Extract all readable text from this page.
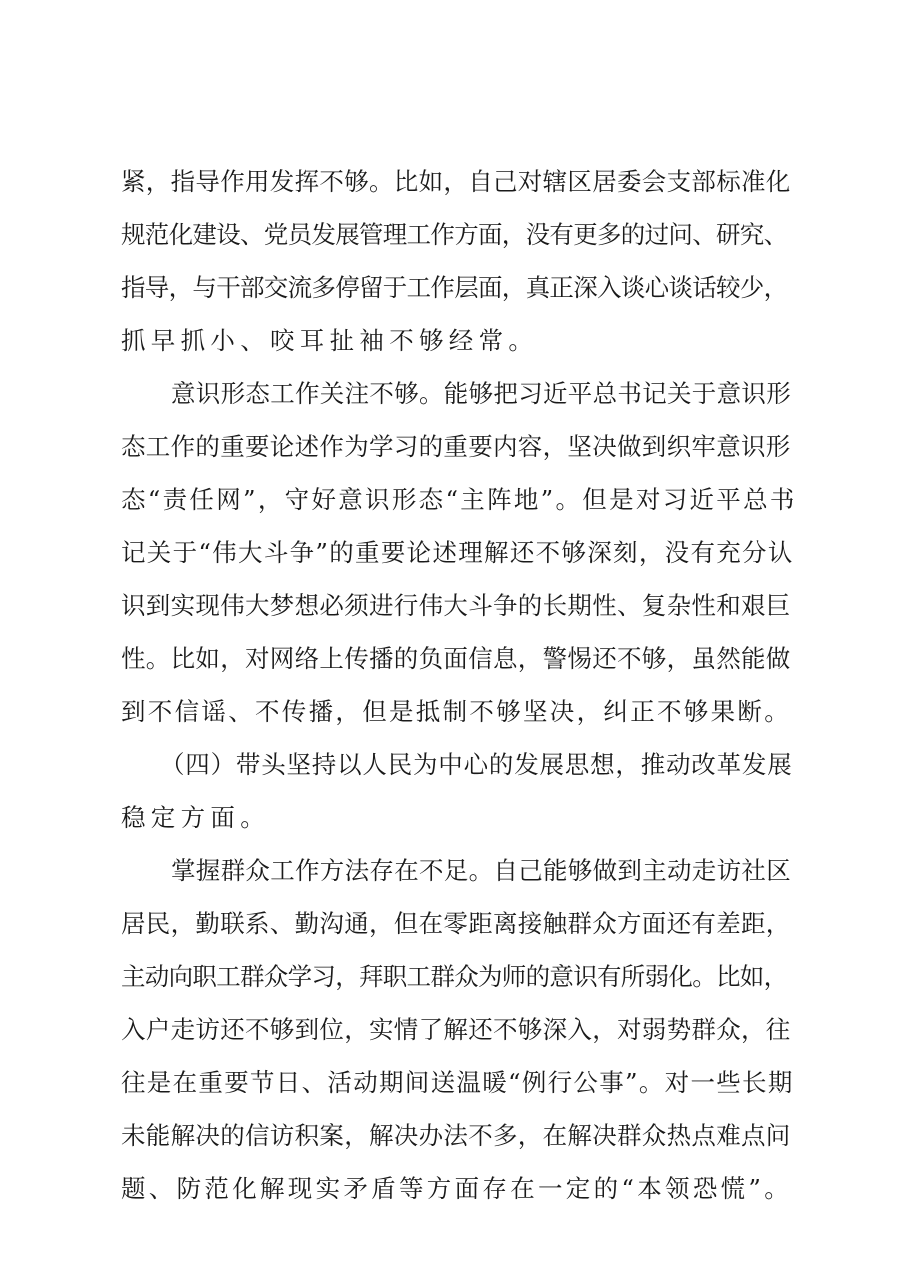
紧，指导作用发挥不够。比如，自己对辖区居委会支部标准化
规范化建设、党员发展管理工作方面，没有更多的过问、研究、
指导，与干部交流多停留于工作层面，真正深入谈心谈话较少，
抓早抓小、咬耳扯袖不够经常。
意识形态工作关注不够。能够把习近平总书记关于意识形
态工作的重要论述作为学习的重要内容，坚决做到织牢意识形
态“责任网”，守好意识形态“主阵地”。但是对习近平总书
记关于“伟大斗争”的重要论述理解还不够深刻，没有充分认
识到实现伟大梦想必须进行伟大斗争的长期性、复杂性和艰巨
性。比如，对网络上传播的负面信息，警惕还不够，虽然能做
到不信谣、不传播，但是抵制不够坚决，纠正不够果断。
（四）带头坚持以人民为中心的发展思想，推动改革发展
稳定方面。
掌握群众工作方法存在不足。自己能够做到主动走访社区
居民，勤联系、勤沟通，但在零距离接触群众方面还有差距，
主动向职工群众学习，拜职工群众为师的意识有所弱化。比如，
入户走访还不够到位，实情了解还不够深入，对弱势群众，往
往是在重要节日、活动期间送温暖“例行公事”。对一些长期
未能解决的信访积案，解决办法不多，在解决群众热点难点问
题、防范化解现实矛盾等方面存在一定的“本领恐慌”。
